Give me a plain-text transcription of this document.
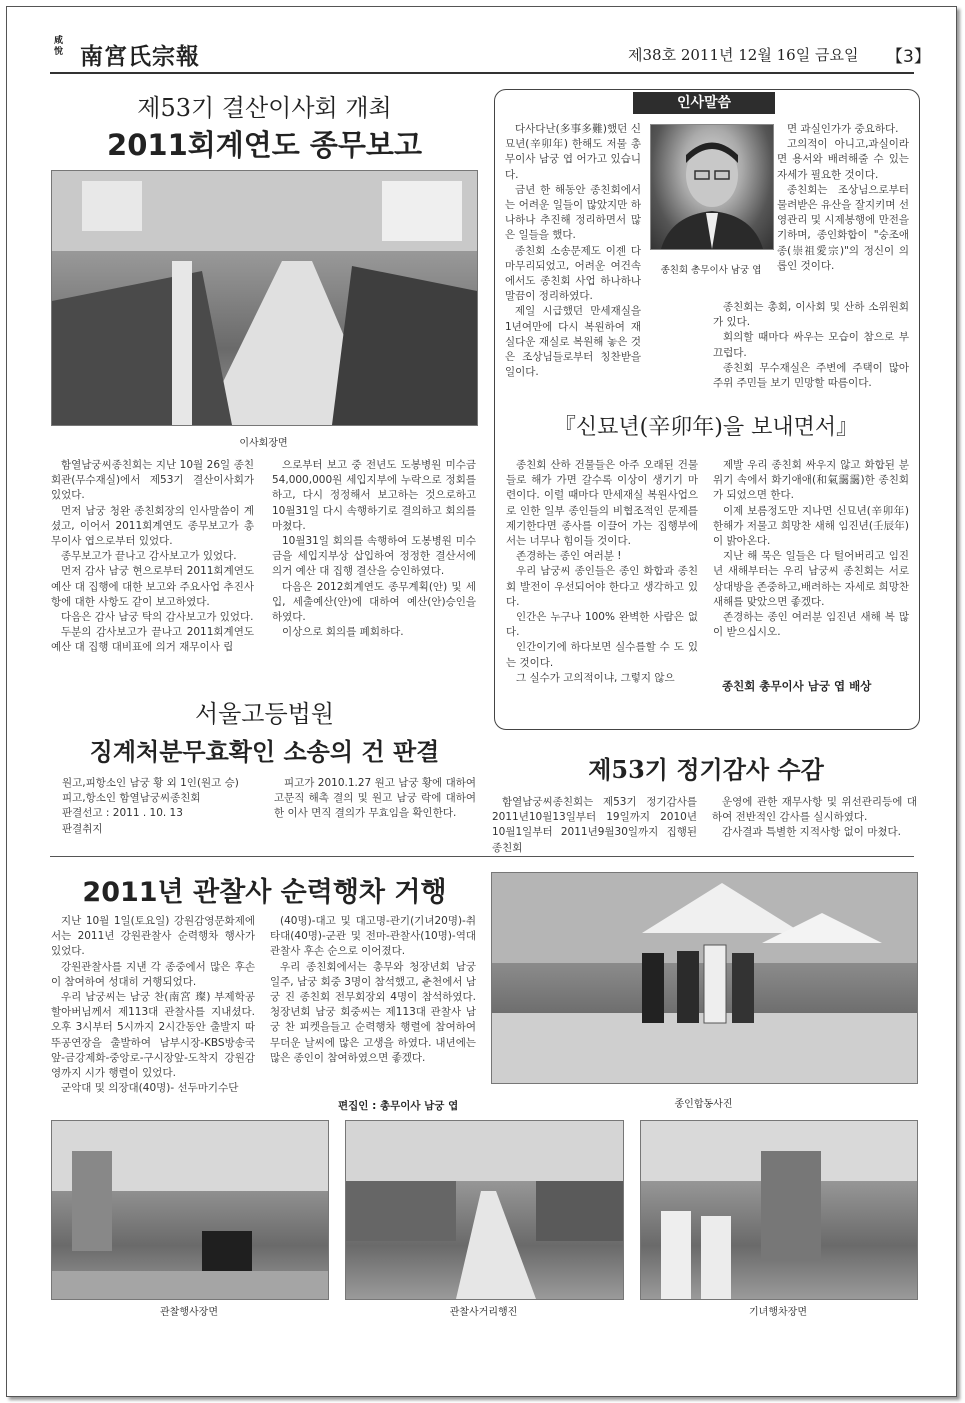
咸悅 南宮氏宗報	제38호 2011년 12월 16일 금요일 【3】
제53기 결산이사회 개최
2011회계연도 종무보고
이사회장면

함열남궁씨종친회는 지난 10월 26일 종친회관(무수재실)에서 제53기 결산이사회가 있었다.

먼저 남궁 청완 종친회장의 인사말씀이 계셨고, 이어서 2011회계연도 종무보고가 총무이사 엽으로부터 있었다.

종무보고가 끝나고 감사보고가 있었다.

먼저 감사 남궁 현으로부터 2011회계연도 예산 대 집행에 대한 보고와 주요사업 추진사항에 대한 사항도 같이 보고하였다.

다음은 감사 남궁 탁의 감사보고가 있었다.

두분의 감사보고가 끝나고 2011회계연도 예산 대 집행 대비표에 의거 재무이사 립

으로부터 보고 중 전년도 도봉병원 미수금 54,000,000원 세입지부에 누락으로 정회를 하고, 다시 정정해서 보고하는 것으로하고 10월31일 다시 속행하기로 결의하고 회의를 마쳤다.

10월31일 회의를 속행하여 도봉병원 미수금을 세입지부상 삽입하여 정정한 결산서에 의거 예산 대 집행 결산을 승인하였다.

다음은 2012회계연도 종무계획(안) 및 세입, 세출예산(안)에 대하여 예산(안)승인을 하였다.

이상으로 회의를 폐회하다.

서울고등법원
징계처분무효확인 소송의 건 판결
원고,피항소인 남궁 황 외 1인(원고 승)
피고,항소인 함열남궁씨종친회
판결선고 : 2011 . 10. 13
판결취지

피고가 2010.1.27 원고 남궁 황에 대하여 고문직 해촉 결의 및 원고 남궁 락에 대하여 한 이사 면직 결의가 무효임을 확인한다.

인사말씀
종친회 총무이사 남궁 엽

다사다난(多事多難)했던 신묘년(辛卯年) 한해도 저물 총무이사 남궁 엽 어가고 있습니다.

금년 한 해동안 종친회에서는 어려운 일들이 많았지만 하나하나 추진해 정리하면서 많은 일들을 했다.

종친회 소송문제도 이젠 다 마무리되었고, 어려운 여건속에서도 종친회 사업 하나하나 말끔이 정리하였다.

제일 시급했던 만세재실을 1년여만에 다시 복원하여 재실다운 재실로 복원해 놓은 것은 조상님들로부터 칭찬받을 일이다.

면 과실인가가 중요하다.

고의적이 아니고,과실이라면 용서와 배려해줄 수 있는 자세가 필요한 것이다.

종친회는 조상님으로부터 물려받은 유산을 잘지키며 선영관리 및 시제봉행에 만전을 기하며, 종인화합이 "숭조애종(崇祖愛宗)"의 정신이 의롭인 것이다.

종친회는 총회, 이사회 및 산하 소위원회가 있다.

회의할 때마다 싸우는 모습이 참으로 부끄럽다.

종친회 무수재실은 주변에 주택이 많아 주위 주민들 보기 민망할 따름이다.

『신묘년(辛卯年)을 보내면서』

종친회 산하 건물들은 아주 오래된 건물들로 해가 가면 갈수록 이상이 생기기 마련이다. 이럴 때마다 만세재실 복원사업으로 인한 일부 종인들의 비협조적인 문제를 제기한다면 종사를 이끌어 가는 집행부에서는 너무나 힘이들 것이다.

존경하는 종인 여러분 !

우리 남궁씨 종인들은 종인 화합과 종친회 발전이 우선되어야 한다고 생각하고 있다.

인간은 누구나 100% 완벽한 사람은 없다.

인간이기에 하다보면 실수를할 수 도 있는 것이다.

그 실수가 고의적이냐, 그렇지 않으

제발 우리 종친회 싸우지 않고 화합된 분위기 속에서 화기애애(和氣靄靄)한 종친회가 되었으면 한다.

이제 보름정도만 지나면 신묘년(辛卯年) 한해가 저물고 희망찬 새해 임진년(壬辰年)이 밝아온다.

지난 해 묵은 일들은 다 털어버리고 임진년 새해부터는 우리 남궁씨 종친회는 서로 상대방을 존중하고,배려하는 자세로 희망찬 새해를 맞았으면 좋겠다.

존경하는 종인 여러분 임진년 새해 복 많이 받으십시오.

종친회 총무이사 남궁 엽 배상
제53기 정기감사 수감

함열남궁씨종친회는 제53기 정기감사를 2011년10월13일부터 19일까지 2010년 10월1일부터 2011년9월30일까지 집행된 종친회

운영에 관한 재무사항 및 위선관리등에 대하여 전반적인 감사를 실시하였다.

감사결과 특별한 지적사항 없이 마쳤다.

2011년 관찰사 순력행차 거행

지난 10월 1일(토요일) 강원감영문화제에서는 2011년 강원관찰사 순력행차 행사가 있었다.

강원관찰사를 지낸 각 종중에서 많은 후손이 참여하여 성대히 거행되었다.

우리 남궁씨는 남궁 찬(南宮 璨) 부제학공 할아버님께서 제113대 관찰사를 지내셨다. 오후 3시부터 5시까지 2시간동안 출발지 따뚜공연장을 출발하여 남부시장-KBS방송국 앞-금강제화-중앙로-구시장앞-도착지 강원감영까지 시가 행렬이 있었다.

군악대 및 의장대(40명)- 선두마기수단

(40명)-대고 및 대고명-관기(기녀20명)-취타대(40명)-군관 및 전마-관찰사(10명)-역대관찰사 후손 순으로 이어졌다.

우리 종친회에서는 총무와 청장년회 남궁 일주, 남궁 회중 3명이 참석했고, 춘천에서 남궁 진 종친회 전무회장외 4명이 참석하였다. 청장년회 남궁 회중씨는 제113대 관찰사 남궁 찬 피켓을들고 순력행차 행렬에 참여하여 무더운 날씨에 많은 고생을 하였다. 내년에는 많은 종인이 참여하였으면 좋겠다.

편집인 : 총무이사 남궁 엽	종인합동사진
관찰행사장면	관찰사거리행진	기녀행차장면
